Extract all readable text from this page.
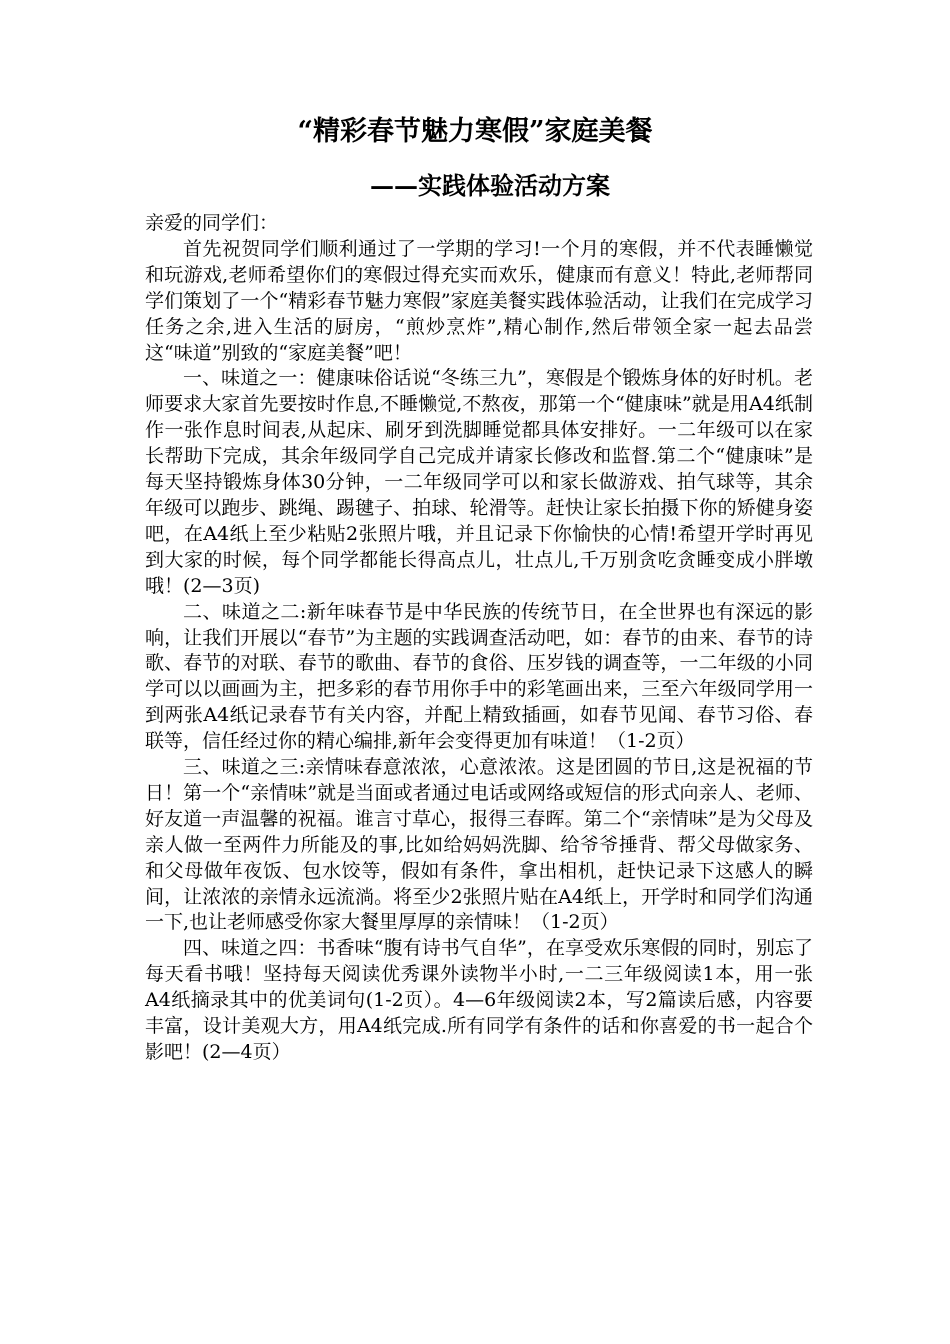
“精彩春节魅力寒假”家庭美餐
——实践体验活动方案

亲爱的同学们：

首先祝贺同学们顺利通过了一学期的学习!一个月的寒假，并不代表睡懒觉和玩游戏,老师希望你们的寒假过得充实而欢乐，健康而有意义！特此,老师帮同学们策划了一个“精彩春节魅力寒假”家庭美餐实践体验活动，让我们在完成学习任务之余,进入生活的厨房，“煎炒烹炸”,精心制作,然后带领全家一起去品尝这“味道”别致的“家庭美餐”吧！

一、味道之一：健康味俗话说“冬练三九”，寒假是个锻炼身体的好时机。老师要求大家首先要按时作息,不睡懒觉,不熬夜，那第一个“健康味”就是用A4纸制作一张作息时间表,从起床、刷牙到洗脚睡觉都具体安排好。一二年级可以在家长帮助下完成，其余年级同学自己完成并请家长修改和监督.第二个“健康味”是每天坚持锻炼身体30分钟，一二年级同学可以和家长做游戏、拍气球等，其余年级可以跑步、跳绳、踢毽子、拍球、轮滑等。赶快让家长拍摄下你的矫健身姿吧，在A4纸上至少粘贴2张照片哦，并且记录下你愉快的心情!希望开学时再见到大家的时候，每个同学都能长得高点儿，壮点儿,千万别贪吃贪睡变成小胖墩哦！(2—3页)

二、味道之二:新年味春节是中华民族的传统节日，在全世界也有深远的影响，让我们开展以“春节”为主题的实践调查活动吧，如：春节的由来、春节的诗歌、春节的对联、春节的歌曲、春节的食俗、压岁钱的调查等，一二年级的小同学可以以画画为主，把多彩的春节用你手中的彩笔画出来，三至六年级同学用一到两张A4纸记录春节有关内容，并配上精致插画，如春节见闻、春节习俗、春联等，信任经过你的精心编排,新年会变得更加有味道！（1-2页）

三、味道之三:亲情味春意浓浓，心意浓浓。这是团圆的节日,这是祝福的节日！第一个“亲情味”就是当面或者通过电话或网络或短信的形式向亲人、老师、好友道一声温馨的祝福。谁言寸草心，报得三春晖。第二个“亲情味”是为父母及亲人做一至两件力所能及的事,比如给妈妈洗脚、给爷爷捶背、帮父母做家务、和父母做年夜饭、包水饺等，假如有条件，拿出相机，赶快记录下这感人的瞬间，让浓浓的亲情永远流淌。将至少2张照片贴在A4纸上，开学时和同学们沟通一下,也让老师感受你家大餐里厚厚的亲情味！（1-2页）

四、味道之四：书香味“腹有诗书气自华”，在享受欢乐寒假的同时，别忘了每天看书哦！坚持每天阅读优秀课外读物半小时,一二三年级阅读1本，用一张A4纸摘录其中的优美词句(1-2页）。4—6年级阅读2本，写2篇读后感，内容要丰富，设计美观大方，用A4纸完成.所有同学有条件的话和你喜爱的书一起合个影吧！(2—4页）
